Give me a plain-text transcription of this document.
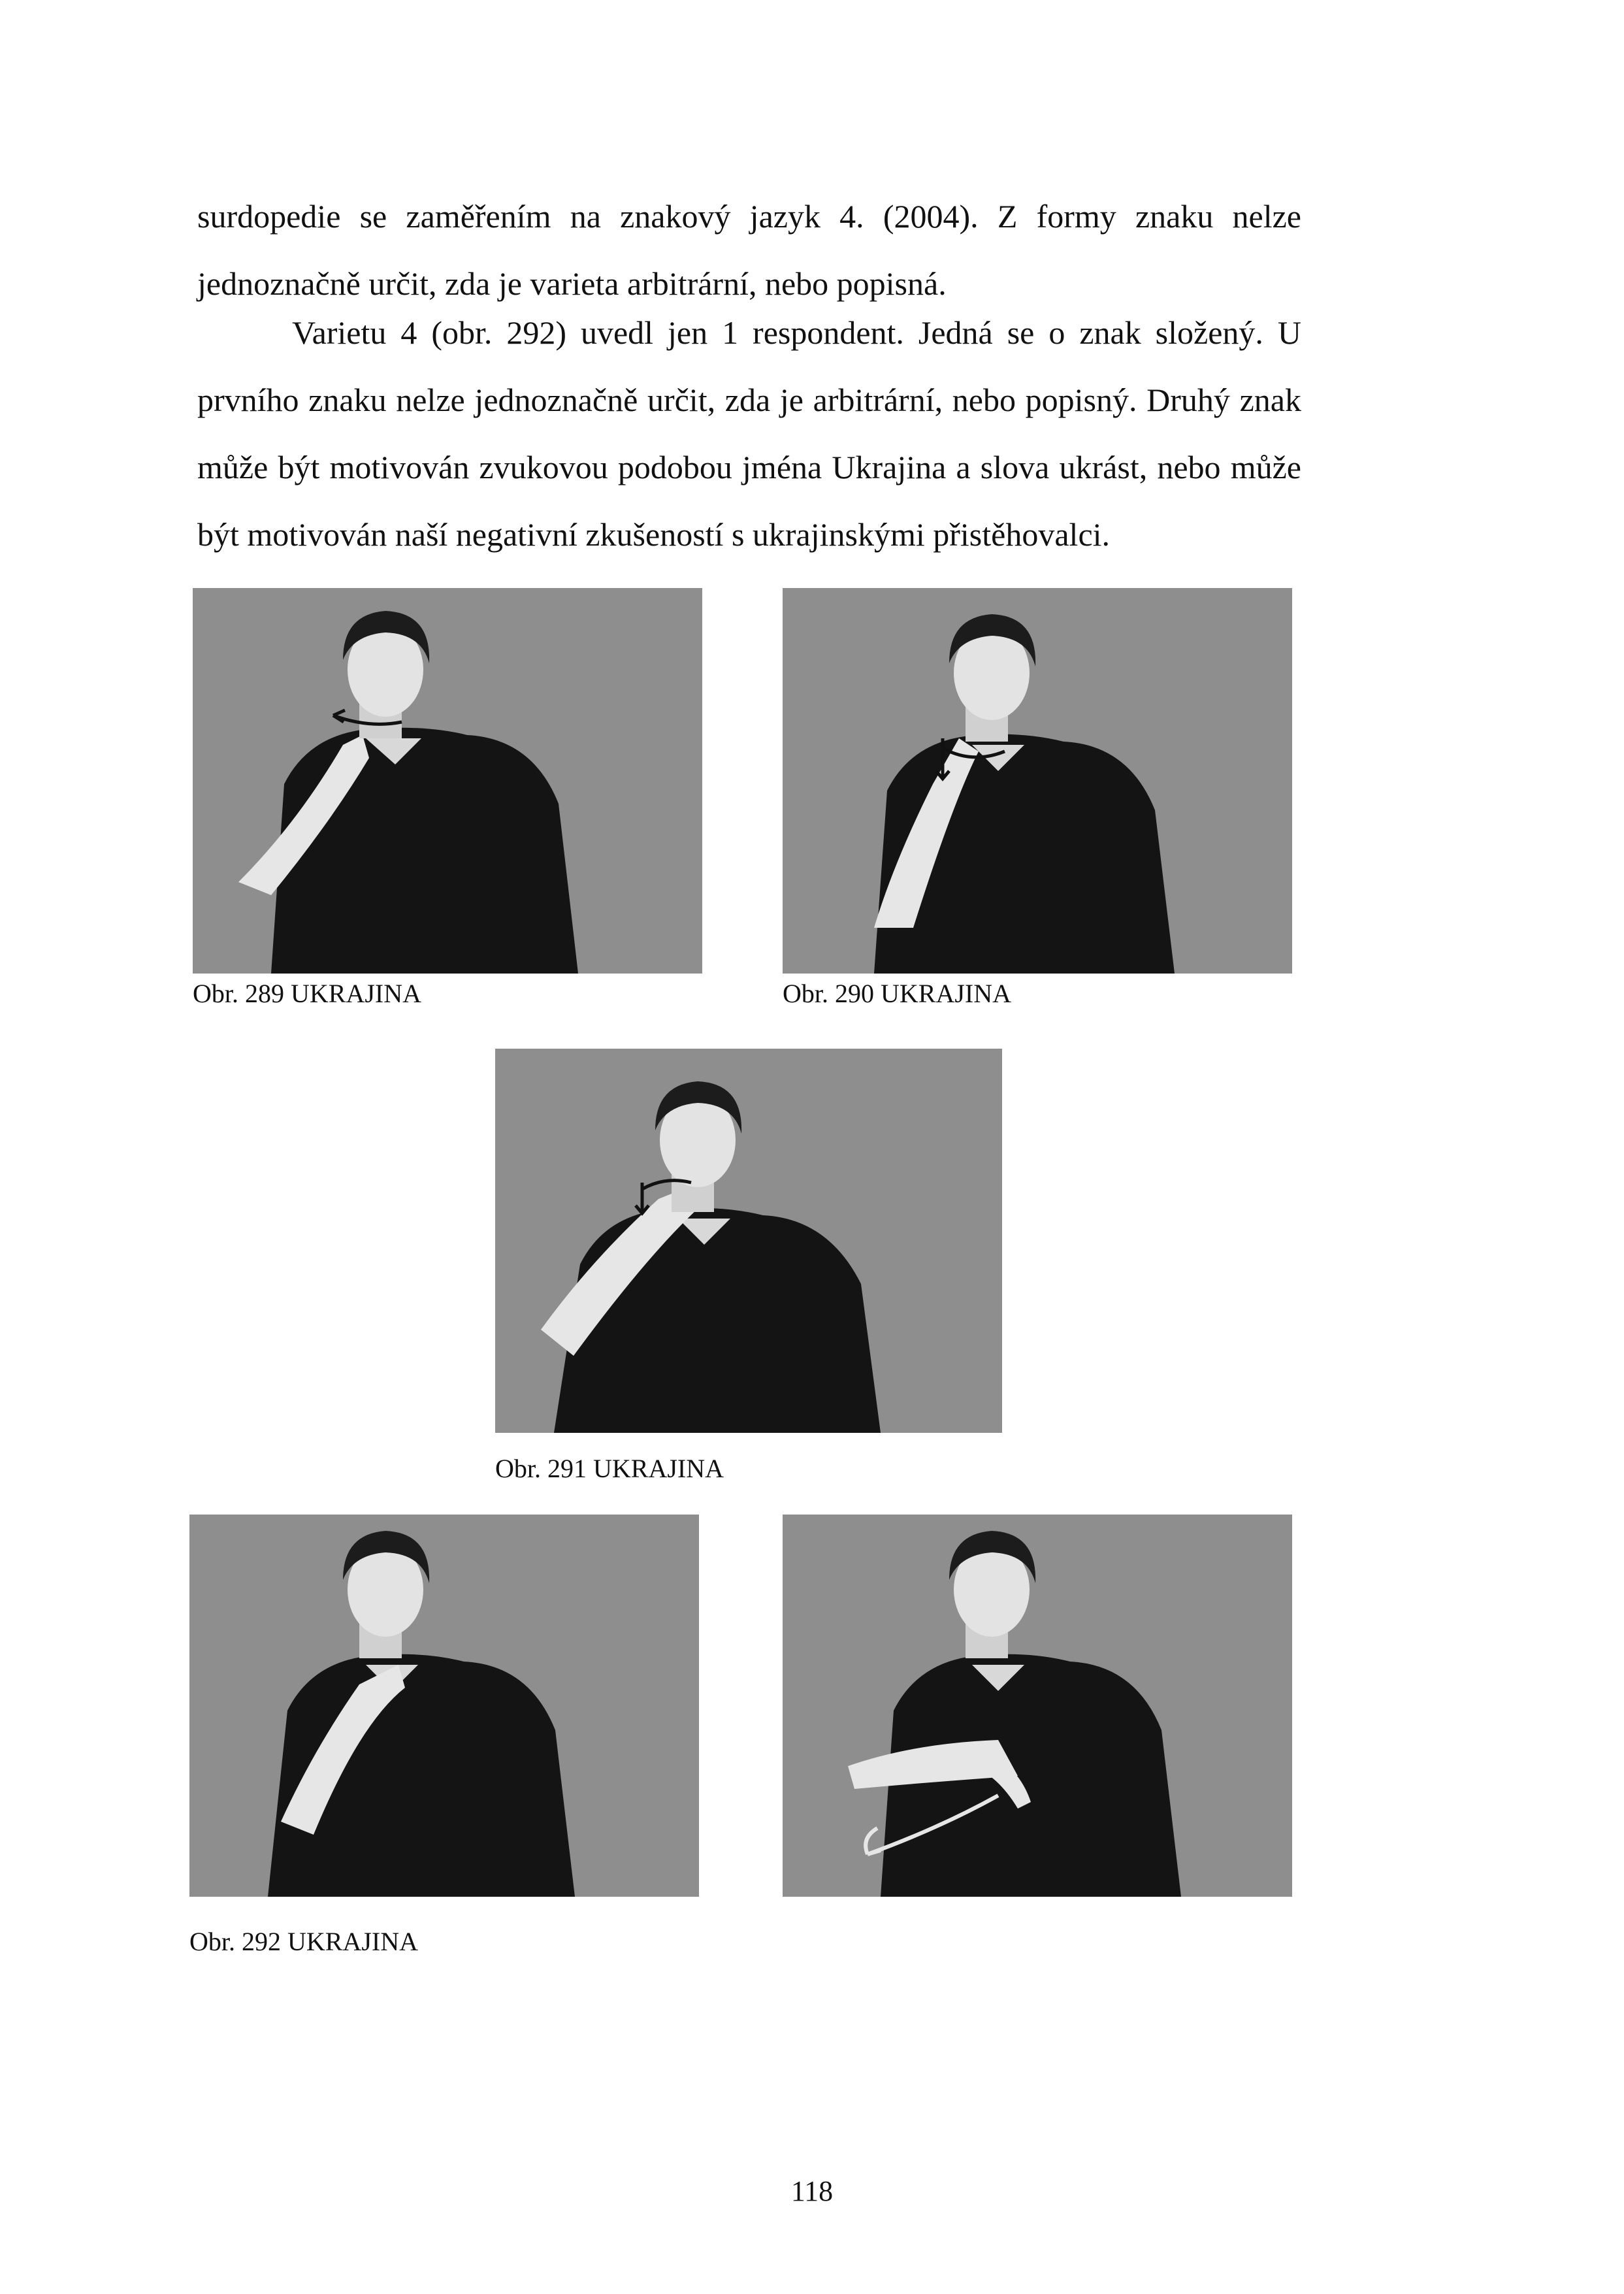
surdopedie se zaměřením na znakový jazyk 4. (2004). Z formy znaku nelze
jednoznačně určit, zda je varieta arbitrární, nebo popisná.
Varietu 4 (obr. 292) uvedl jen 1 respondent. Jedná se o znak složený. U
prvního znaku nelze jednoznačně určit, zda je arbitrární, nebo popisný. Druhý znak
může být motivován zvukovou podobou jména Ukrajina a slova ukrást, nebo může
být motivován naší negativní zkušeností s ukrajinskými přistěhovalci.
Obr. 289 UKRAJINA	Obr. 290 UKRAJINA
Obr. 291 UKRAJINA
Obr. 292 UKRAJINA
118
